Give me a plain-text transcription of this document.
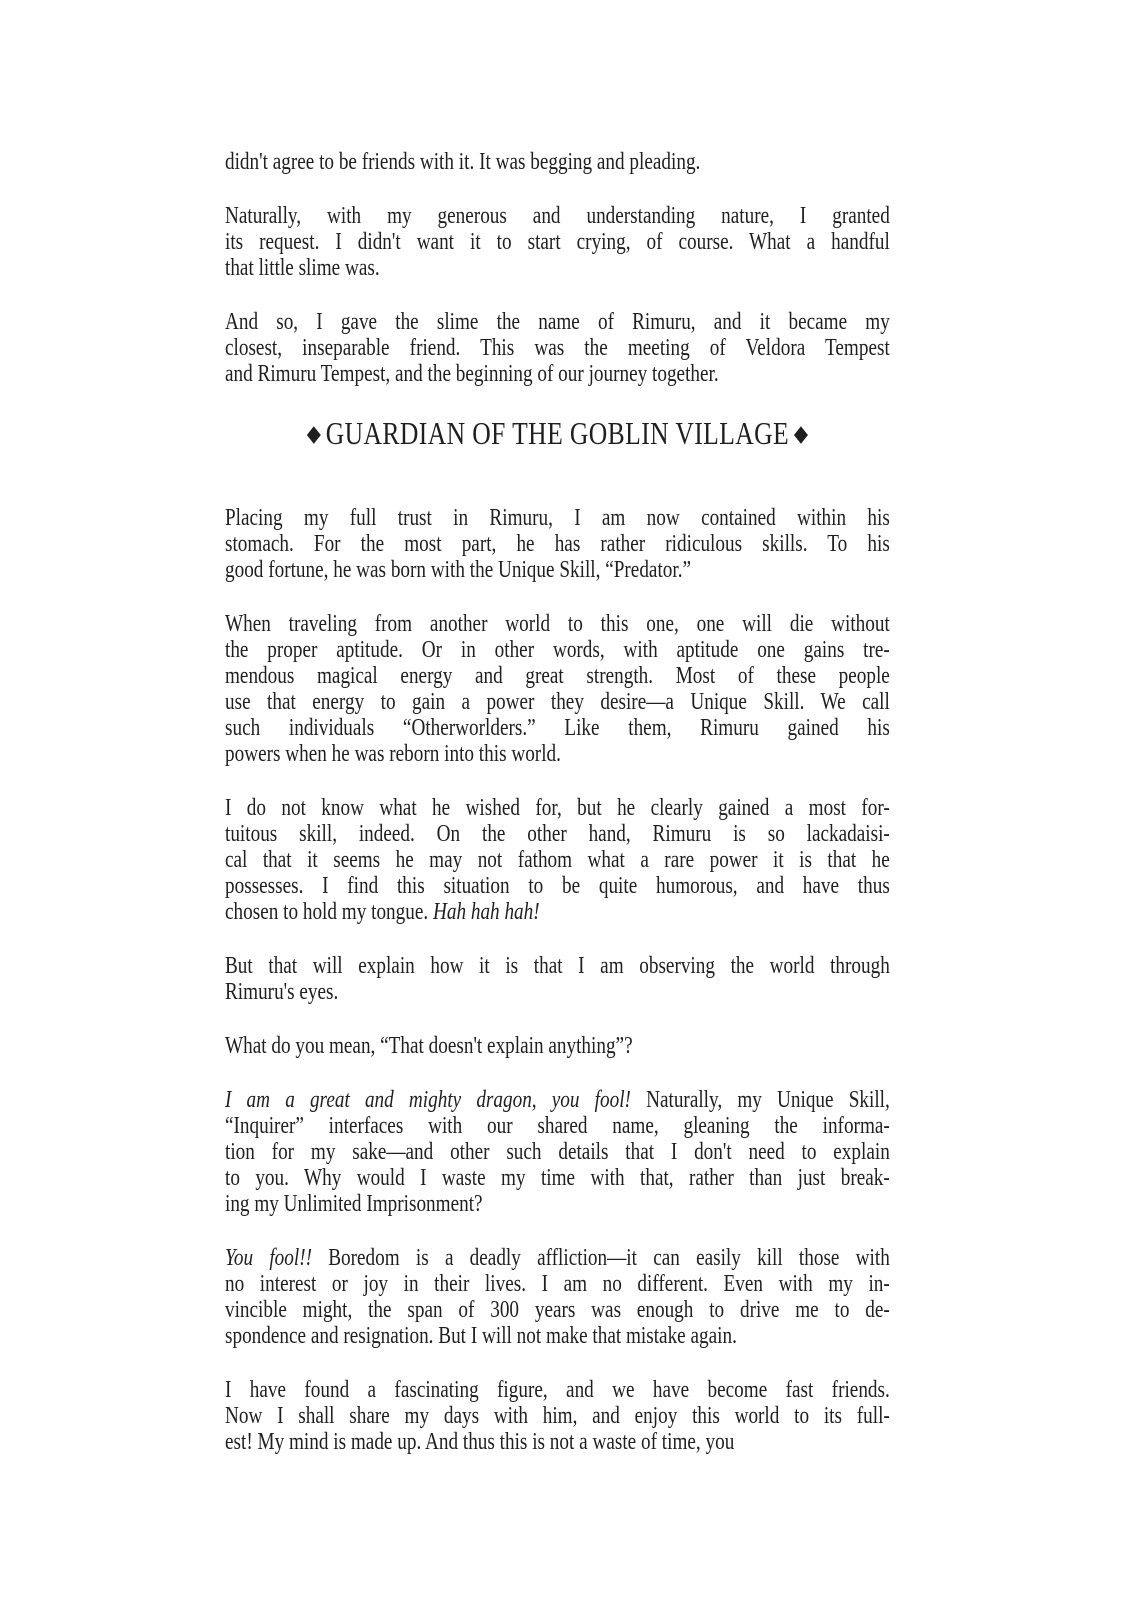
didn't agree to be friends with it. It was begging and pleading.
Naturally, with my generous and understanding nature, I granted
its request. I didn't want it to start crying, of course. What a handful
that little slime was.
And so, I gave the slime the name of Rimuru, and it became my
closest, inseparable friend. This was the meeting of Veldora Tempest
and Rimuru Tempest, and the beginning of our journey together.
◆ GUARDIAN OF THE GOBLIN VILLAGE ◆
Placing my full trust in Rimuru, I am now contained within his
stomach. For the most part, he has rather ridiculous skills. To his
good fortune, he was born with the Unique Skill, “Predator.”
When traveling from another world to this one, one will die without
the proper aptitude. Or in other words, with aptitude one gains tre-
mendous magical energy and great strength. Most of these people
use that energy to gain a power they desire—a Unique Skill. We call
such individuals “Otherworlders.” Like them, Rimuru gained his
powers when he was reborn into this world.
I do not know what he wished for, but he clearly gained a most for-
tuitous skill, indeed. On the other hand, Rimuru is so lackadaisi-
cal that it seems he may not fathom what a rare power it is that he
possesses. I find this situation to be quite humorous, and have thus
chosen to hold my tongue. Hah hah hah!
But that will explain how it is that I am observing the world through
Rimuru's eyes.
What do you mean, “That doesn't explain anything”?
I am a great and mighty dragon, you fool! Naturally, my Unique Skill,
“Inquirer” interfaces with our shared name, gleaning the informa-
tion for my sake—and other such details that I don't need to explain
to you. Why would I waste my time with that, rather than just break-
ing my Unlimited Imprisonment?
You fool!! Boredom is a deadly affliction—it can easily kill those with
no interest or joy in their lives. I am no different. Even with my in-
vincible might, the span of 300 years was enough to drive me to de-
spondence and resignation. But I will not make that mistake again.
I have found a fascinating figure, and we have become fast friends.
Now I shall share my days with him, and enjoy this world to its full-
est! My mind is made up. And thus this is not a waste of time, you
